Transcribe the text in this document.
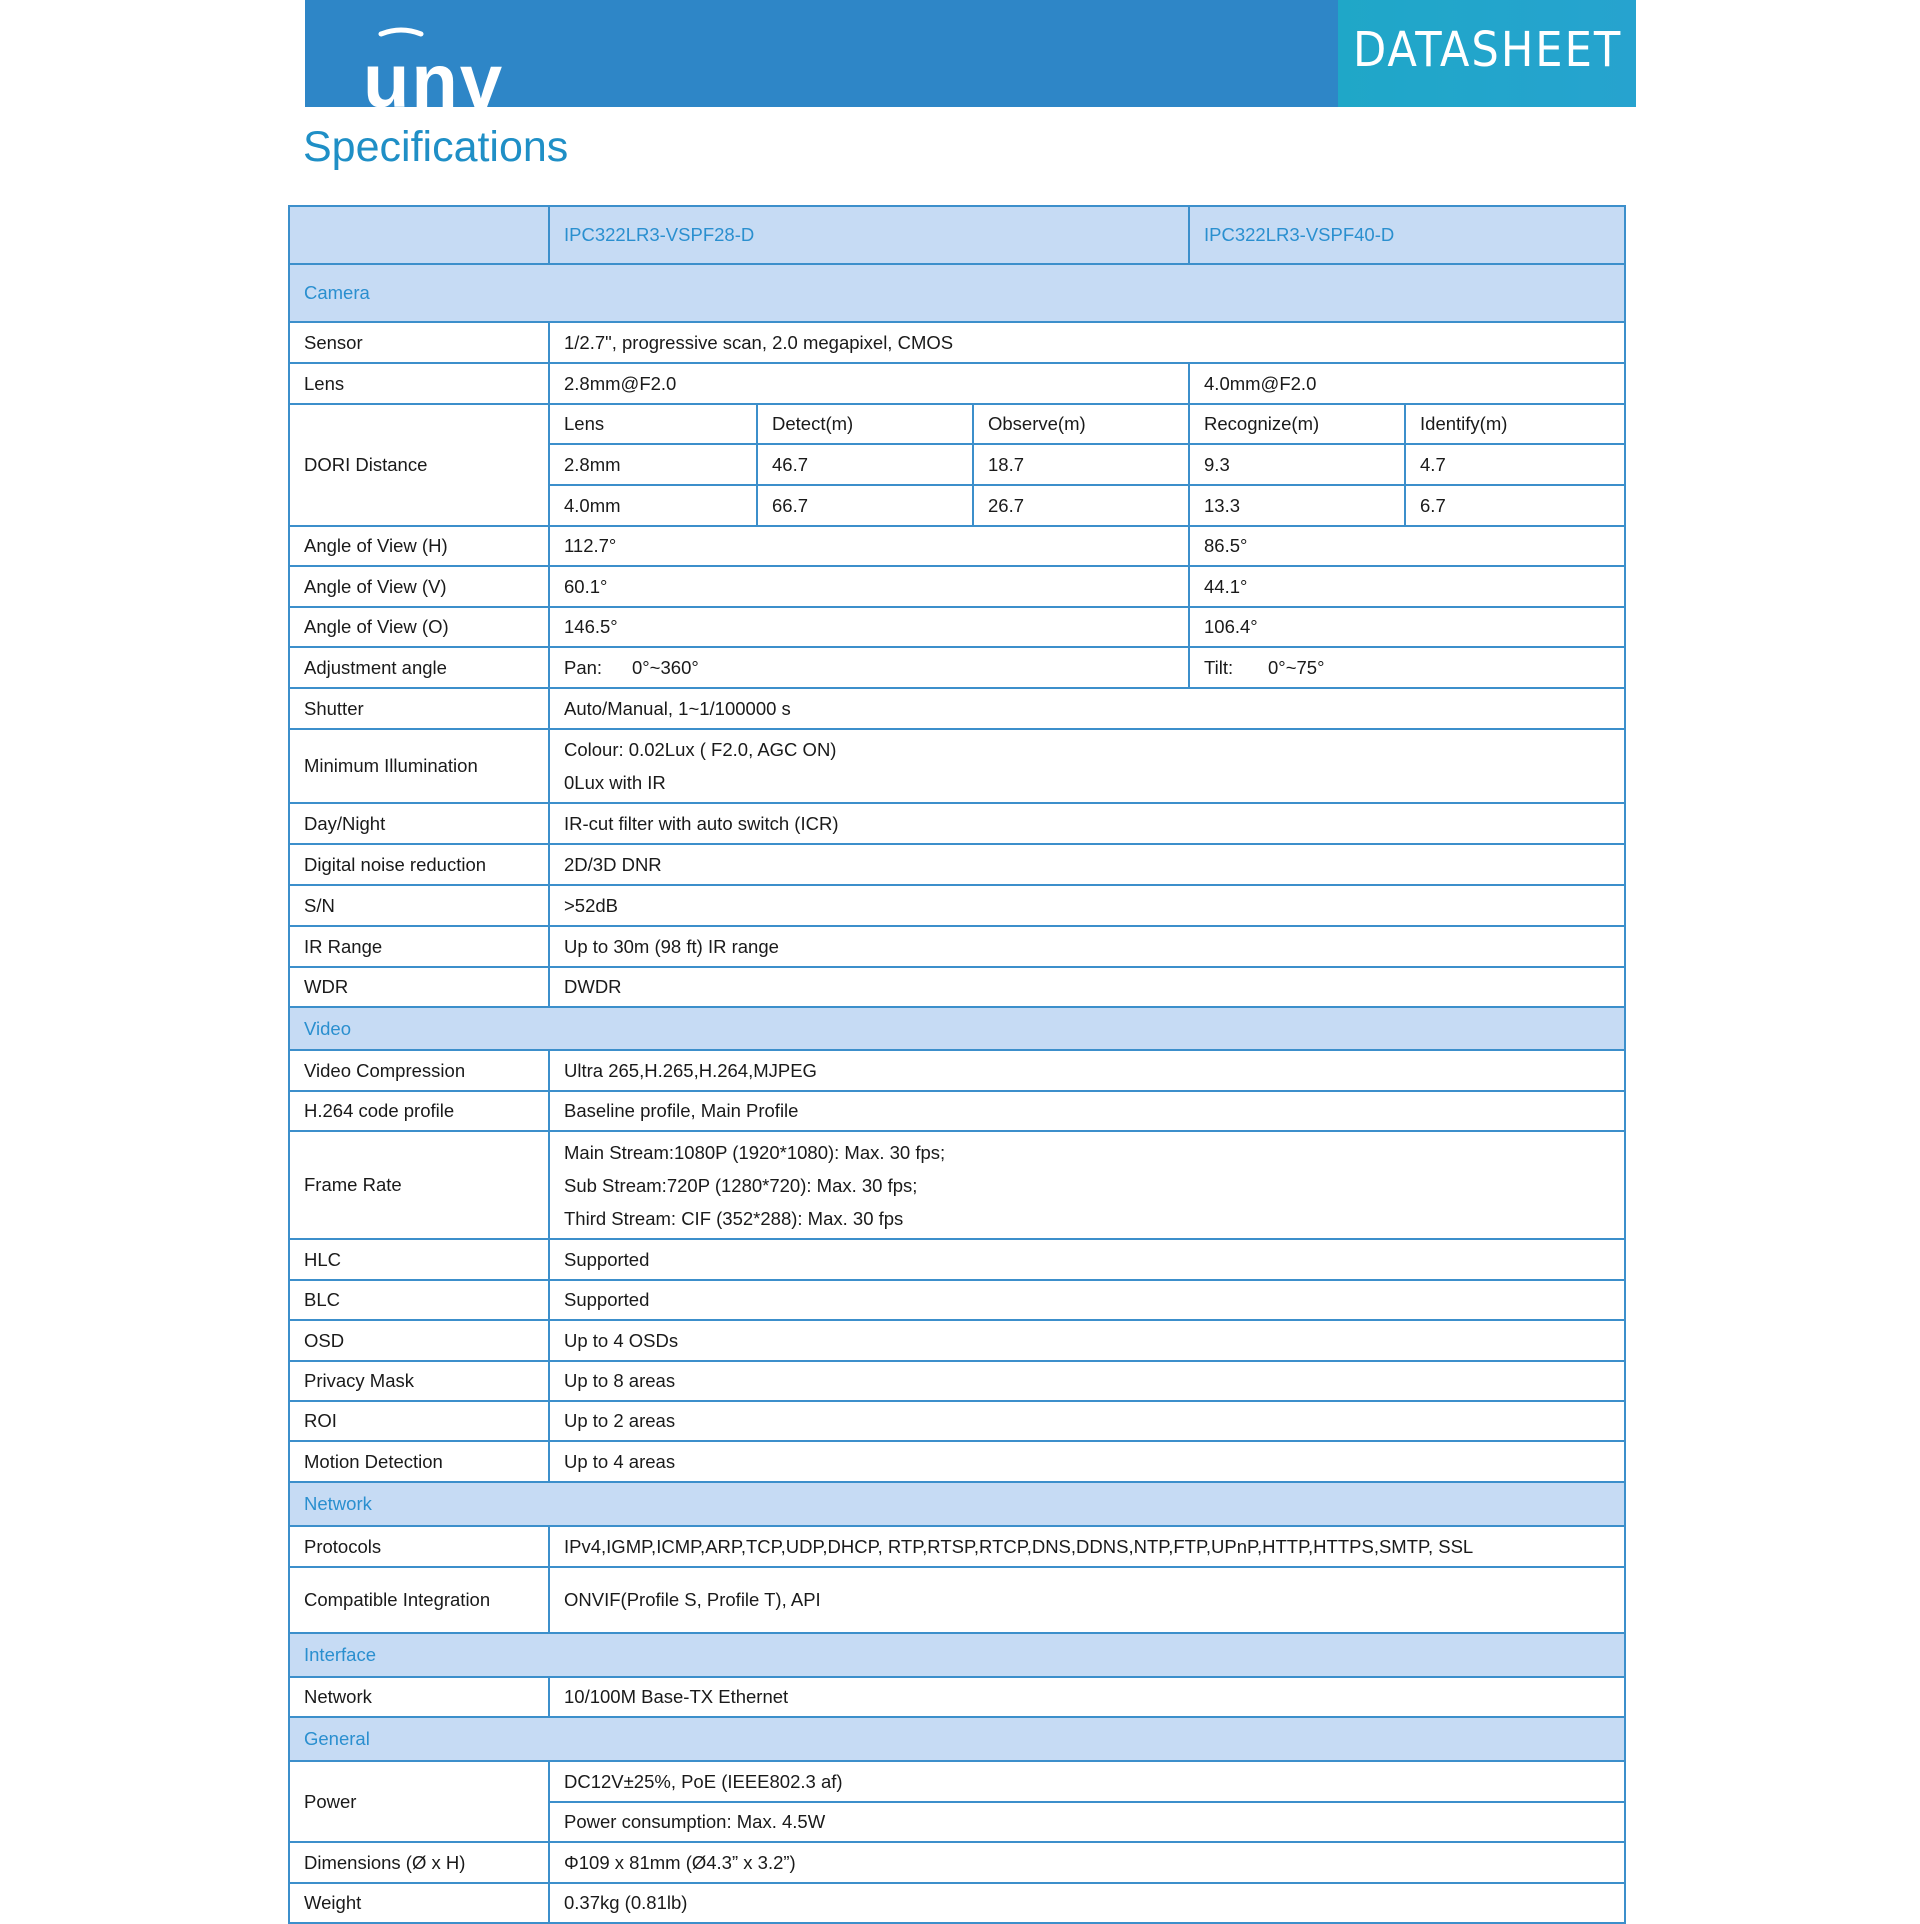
unv	DATASHEET
Specifications
	IPC322LR3-VSPF28-D			IPC322LR3-VSPF40-D	
Camera					
Sensor	1/2.7", progressive scan, 2.0 megapixel, CMOS				
Lens	2.8mm@F2.0			4.0mm@F2.0	
DORI Distance	Lens	Detect(m)	Observe(m)	Recognize(m)	Identify(m)
	2.8mm	46.7	18.7	9.3	4.7
	4.0mm	66.7	26.7	13.3	6.7
Angle of View (H)	112.7°			86.5°	
Angle of View (V)	60.1°			44.1°	
Angle of View (O)	146.5°			106.4°	
Adjustment angle	Pan: 0°~360°			Tilt: 0°~75°	
Shutter	Auto/Manual, 1~1/100000 s				
Minimum Illumination	Colour: 0.02Lux ( F2.0, AGC ON)
0Lux with IR				

Day/Night	IR-cut filter with auto switch (ICR)				
Digital noise reduction	2D/3D DNR				
S/N	>52dB				
IR Range	Up to 30m (98 ft) IR range				
WDR	DWDR				
Video					
Video Compression	Ultra 265,H.265,H.264,MJPEG				
H.264 code profile	Baseline profile, Main Profile				
Frame Rate	Main Stream:1080P (1920*1080): Max. 30 fps;
Sub Stream:720P (1280*720): Max. 30 fps;
Third Stream: CIF (352*288): Max. 30 fps				

HLC	Supported				
BLC	Supported				
OSD	Up to 4 OSDs				
Privacy Mask	Up to 8 areas				
ROI	Up to 2 areas				
Motion Detection	Up to 4 areas				
Network					
Protocols	IPv4,IGMP,ICMP,ARP,TCP,UDP,DHCP, RTP,RTSP,RTCP,DNS,DDNS,NTP,FTP,UPnP,HTTP,HTTPS,SMTP, SSL				
Compatible Integration	ONVIF(Profile S, Profile T), API				
Interface					
Network	10/100M Base-TX Ethernet				
General					
Power	DC12V±25%, PoE (IEEE802.3 af)				
	Power consumption: Max. 4.5W				
Dimensions (Ø x H)	Φ109 x 81mm (Ø4.3” x 3.2”)				
Weight	0.37kg (0.81lb)				
